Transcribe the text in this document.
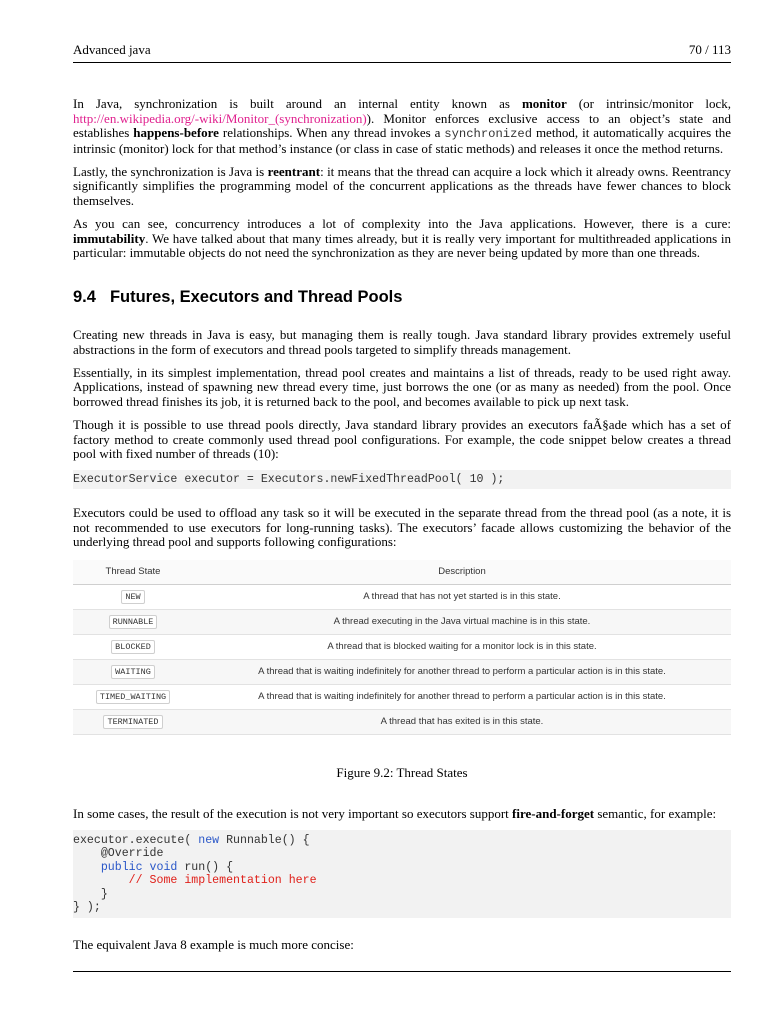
Advanced java	70 / 113

In Java, synchronization is built around an internal entity known as monitor (or intrinsic/monitor lock, http://en.wikipedia.org/-wiki/Monitor_(synchronization)). Monitor enforces exclusive access to an object’s state and establishes happens-before relationships. When any thread invokes a synchronized method, it automatically acquires the intrinsic (monitor) lock for that method’s instance (or class in case of static methods) and releases it once the method returns.

Lastly, the synchronization is Java is reentrant: it means that the thread can acquire a lock which it already owns. Reentrancy significantly simplifies the programming model of the concurrent applications as the threads have fewer chances to block themselves.

As you can see, concurrency introduces a lot of complexity into the Java applications. However, there is a cure: immutability. We have talked about that many times already, but it is really very important for multithreaded applications in particular: immutable objects do not need the synchronization as they are never being updated by more than one threads.

9.4 Futures, Executors and Thread Pools

Creating new threads in Java is easy, but managing them is really tough. Java standard library provides extremely useful abstractions in the form of executors and thread pools targeted to simplify threads management.

Essentially, in its simplest implementation, thread pool creates and maintains a list of threads, ready to be used right away. Applications, instead of spawning new thread every time, just borrows the one (or as many as needed) from the pool. Once borrowed thread finishes its job, it is returned back to the pool, and becomes available to pick up next task.

Though it is possible to use thread pools directly, Java standard library provides an executors faÃ§ade which has a set of factory method to create commonly used thread pool configurations. For example, the code snippet below creates a thread pool with fixed number of threads (10):

ExecutorService executor = Executors.newFixedThreadPool( 10 );

Executors could be used to offload any task so it will be executed in the separate thread from the thread pool (as a note, it is not recommended to use executors for long-running tasks). The executors’ facade allows customizing the behavior of the underlying thread pool and supports following configurations:

Thread State	Description
NEW	A thread that has not yet started is in this state.
RUNNABLE	A thread executing in the Java virtual machine is in this state.
BLOCKED	A thread that is blocked waiting for a monitor lock is in this state.
WAITING	A thread that is waiting indefinitely for another thread to perform a particular action is in this state.
TIMED_WAITING	A thread that is waiting indefinitely for another thread to perform a particular action is in this state.
TERMINATED	A thread that has exited is in this state.
Figure 9.2: Thread States

In some cases, the result of the execution is not very important so executors support fire-and-forget semantic, for example:

executor.execute( new Runnable() {
@Override
public void run() {
// Some implementation here
}
} );

The equivalent Java 8 example is much more concise:
